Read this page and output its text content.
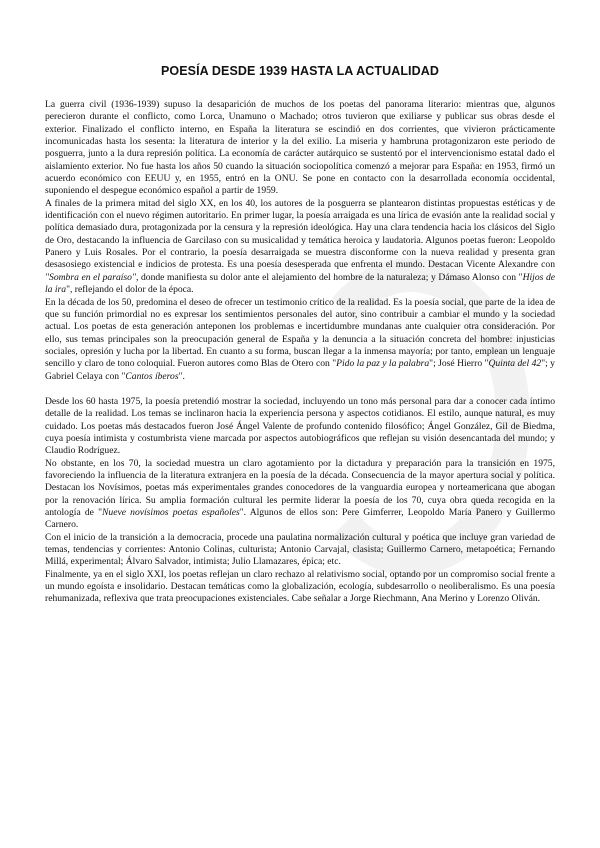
POESÍA DESDE 1939 HASTA LA ACTUALIDAD

La guerra civil (1936-1939) supuso la desaparición de muchos de los poetas del panorama literario: mientras que, algunos perecieron durante el conflicto, como Lorca, Unamuno o Machado; otros tuvieron que exiliarse y publicar sus obras desde el exterior. Finalizado el conflicto interno, en España la literatura se escindió en dos corrientes, que vivieron prácticamente incomunicadas hasta los sesenta: la literatura de interior y la del exilio. La miseria y hambruna protagonizaron este periodo de posguerra, junto a la dura represión política. La economía de carácter autárquico se sustentó por el intervencionismo estatal dado el aislamiento exterior. No fue hasta los años 50 cuando la situación sociopolítica comenzó a mejorar para España: en 1953, firmó un acuerdo económico con EEUU y, en 1955, entró en la ONU. Se pone en contacto con la desarrollada economía occidental, suponiendo el despegue económico español a partir de 1959.

A finales de la primera mitad del siglo XX, en los 40, los autores de la posguerra se plantearon distintas propuestas estéticas y de identificación con el nuevo régimen autoritario. En primer lugar, la poesía arraigada es una lírica de evasión ante la realidad social y política demasiado dura, protagonizada por la censura y la represión ideológica. Hay una clara tendencia hacia los clásicos del Siglo de Oro, destacando la influencia de Garcilaso con su musicalidad y temática heroica y laudatoria. Algunos poetas fueron: Leopoldo Panero y Luis Rosales. Por el contrario, la poesía desarraigada se muestra disconforme con la nueva realidad y presenta gran desasosiego existencial e indicios de protesta. Es una poesía desesperada que enfrenta el mundo. Destacan Vicente Alexandre con "Sombra en el paraíso", donde manifiesta su dolor ante el alejamiento del hombre de la naturaleza; y Dámaso Alonso con "Hijos de la ira", reflejando el dolor de la época.

En la década de los 50, predomina el deseo de ofrecer un testimonio crítico de la realidad. Es la poesía social, que parte de la idea de que su función primordial no es expresar los sentimientos personales del autor, sino contribuir a cambiar el mundo y la sociedad actual. Los poetas de esta generación anteponen los problemas e incertidumbre mundanas ante cualquier otra consideración. Por ello, sus temas principales son la preocupación general de España y la denuncia a la situación concreta del hombre: injusticias sociales, opresión y lucha por la libertad. En cuanto a su forma, buscan llegar a la inmensa mayoría; por tanto, emplean un lenguaje sencillo y claro de tono coloquial. Fueron autores como Blas de Otero con "Pido la paz y la palabra"; José Hierro "Quinta del 42"; y Gabriel Celaya con "Cantos íberos".

Desde los 60 hasta 1975, la poesía pretendió mostrar la sociedad, incluyendo un tono más personal para dar a conocer cada íntimo detalle de la realidad. Los temas se inclinaron hacia la experiencia persona y aspectos cotidianos. El estilo, aunque natural, es muy cuidado. Los poetas más destacados fueron José Ángel Valente de profundo contenido filosófico; Ángel González, Gil de Biedma, cuya poesía intimista y costumbrista viene marcada por aspectos autobiográficos que reflejan su visión desencantada del mundo; y Claudio Rodríguez.

No obstante, en los 70, la sociedad muestra un claro agotamiento por la dictadura y preparación para la transición en 1975, favoreciendo la influencia de la literatura extranjera en la poesía de la década. Consecuencia de la mayor apertura social y política. Destacan los Novísimos, poetas más experimentales grandes conocedores de la vanguardia europea y norteamericana que abogan por la renovación lírica. Su amplia formación cultural les permite liderar la poesía de los 70, cuya obra queda recogida en la antología de "Nueve novísimos poetas españoles". Algunos de ellos son: Pere Gimferrer, Leopoldo María Panero y Guillermo Carnero.

Con el inicio de la transición a la democracia, procede una paulatina normalización cultural y poética que incluye gran variedad de temas, tendencias y corrientes: Antonio Colinas, culturista; Antonio Carvajal, clasista; Guillermo Carnero, metapoética; Fernando Millá, experimental; Álvaro Salvador, intimista; Julio Llamazares, épica; etc.

Finalmente, ya en el siglo XXI, los poetas reflejan un claro rechazo al relativismo social, optando por un compromiso social frente a un mundo egoísta e insolidario. Destacan temáticas como la globalización, ecología, subdesarrollo o neoliberalismo. Es una poesía rehumanizada, reflexiva que trata preocupaciones existenciales. Cabe señalar a Jorge Riechmann, Ana Merino y Lorenzo Oliván.
